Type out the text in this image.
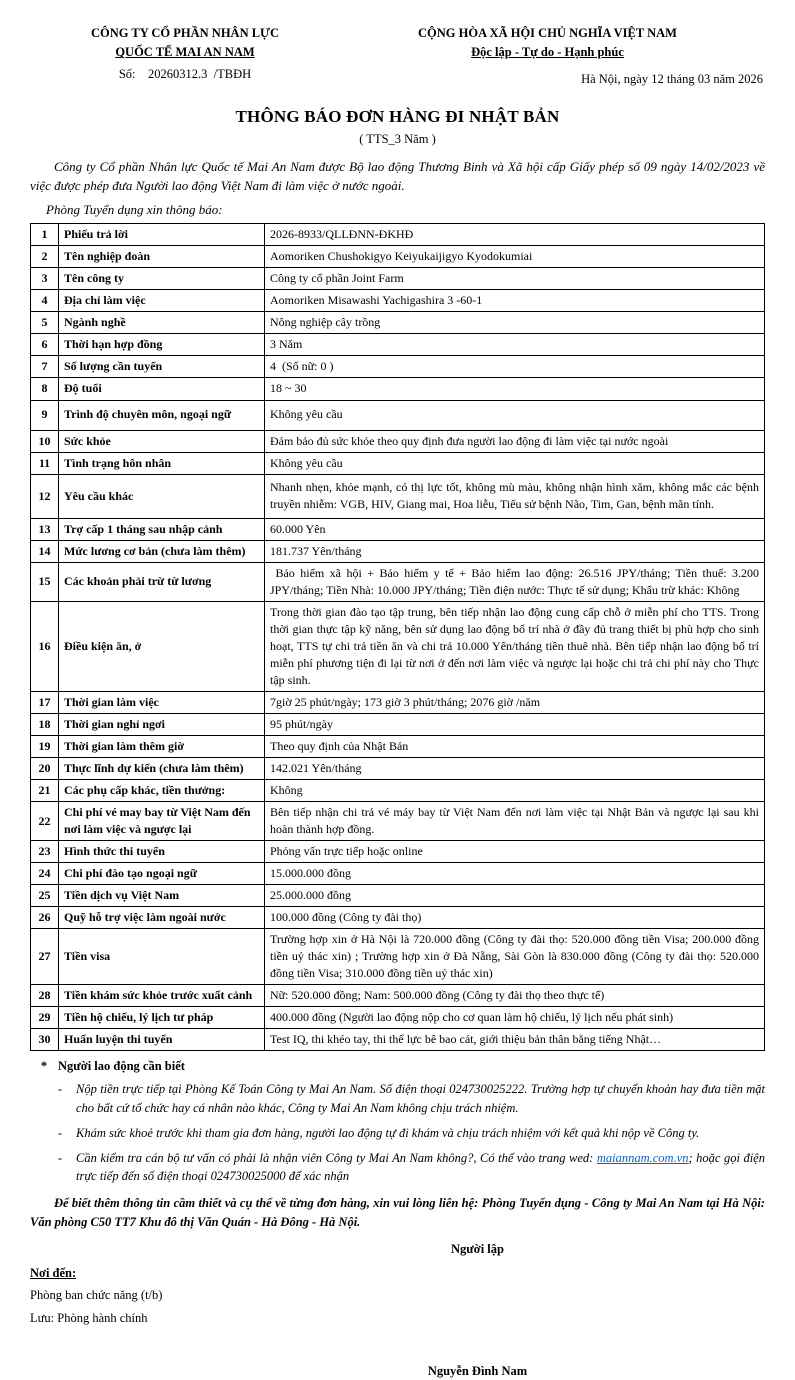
CÔNG TY CỔ PHẦN NHÂN LỰC
QUỐC TẾ MAI AN NAM
Số:    20260312.3  /TBĐH
CỘNG HÒA XÃ HỘI CHỦ NGHĨA VIỆT NAM
Độc lập - Tự do - Hạnh phúc
Hà Nội, ngày 12 tháng 03 năm 2026
THÔNG BÁO ĐƠN HÀNG ĐI NHẬT BẢN
( TTS_3 Năm )

Công ty Cổ phần Nhân lực Quốc tế Mai An Nam được Bộ lao động Thương Binh và Xã hội cấp Giấy phép số 09 ngày 14/02/2023 về việc được phép đưa Người lao động Việt Nam đi làm việc ở nước ngoài.

Phòng Tuyển dụng xin thông báo:

1	Phiếu trả lời	2026-8933/QLLĐNN-ĐKHĐ
2	Tên nghiệp đoàn	Aomoriken Chushokigyo Keiyukaijigyo Kyodokumiai
3	Tên công ty	Công ty cổ phần Joint Farm
4	Địa chỉ làm việc	Aomoriken Misawashi Yachigashira 3 -60-1
5	Ngành nghề	Nông nghiệp cây trồng
6	Thời hạn hợp đồng	3 Năm
7	Số lượng cần tuyển	4  (Số nữ: 0 )
8	Độ tuổi	18 ~ 30
9	Trình độ chuyên môn, ngoại ngữ	Không yêu cầu
10	Sức khỏe	Đảm bảo đủ sức khỏe theo quy định đưa người lao động đi làm việc tại nước ngoài
11	Tình trạng hôn nhân	Không yêu cầu
12	Yêu cầu khác	Nhanh nhẹn, khỏe mạnh, có thị lực tốt, không mù màu, không nhận hình xăm, không mắc các bệnh truyền nhiễm: VGB, HIV, Giang mai, Hoa liễu, Tiểu sử bệnh Não, Tim, Gan, bệnh mãn tính.
13	Trợ cấp 1 tháng sau nhập cảnh	60.000 Yên
14	Mức lương cơ bản (chưa làm thêm)	181.737 Yên/tháng
15	Các khoản phải trừ từ lương	Bảo hiểm xã hội + Bảo hiểm y tế + Bảo hiểm lao động: 26.516 JPY/tháng; Tiền thuế: 3.200 JPY/tháng; Tiền Nhà: 10.000 JPY/tháng; Tiền điện nước: Thực tế sử dụng; Khẩu trừ khác: Không
16	Điều kiện ăn, ở	Trong thời gian đào tạo tập trung, bên tiếp nhận lao động cung cấp chỗ ở miễn phí cho TTS. Trong thời gian thực tập kỹ năng, bên sử dụng lao động bố trí nhà ở đầy đủ trang thiết bị phù hợp cho sinh hoạt, TTS tự chi trả tiền ăn và chi trả 10.000 Yên/tháng tiền thuê nhà. Bên tiếp nhận lao động bố trí miễn phí phương tiện đi lại từ nơi ở đến nơi làm việc và ngược lại hoặc chi trả chi phí này cho Thực tập sinh.
17	Thời gian làm việc	7giờ 25 phút/ngày; 173 giờ 3 phút/tháng; 2076 giờ /năm
18	Thời gian nghỉ ngơi	95 phút/ngày
19	Thời gian làm thêm giờ	Theo quy định của Nhật Bản
20	Thực lĩnh dự kiến (chưa làm thêm)	142.021 Yên/tháng
21	Các phụ cấp khác, tiền thưởng:	Không
22	Chi phí vé may bay từ Việt Nam đến nơi làm việc và ngược lại	Bên tiếp nhận chi trả vé máy bay từ Việt Nam đến nơi làm việc tại Nhật Bản và ngược lại sau khi hoàn thành hợp đồng.
23	Hình thức thi tuyển	Phỏng vấn trực tiếp hoặc online
24	Chi phí đào tạo ngoại ngữ	15.000.000 đồng
25	Tiền dịch vụ Việt Nam	25.000.000 đồng
26	Quỹ hỗ trợ việc làm ngoài nước	100.000 đồng (Công ty đài thọ)
27	Tiền visa	Trường hợp xin ở Hà Nội là 720.000 đồng (Công ty đài thọ: 520.000 đồng tiền Visa; 200.000 đồng tiền uỷ thác xin) ; Trường hợp xin ở Đà Nẵng, Sài Gòn là 830.000 đồng (Công ty đài thọ: 520.000 đồng tiền Visa; 310.000 đồng tiền uỷ thác xin)
28	Tiền khám sức khỏe trước xuất cảnh	Nữ: 520.000 đồng; Nam: 500.000 đồng (Công ty đài thọ theo thực tế)
29	Tiền hộ chiếu, lý lịch tư pháp	400.000 đồng (Người lao động nộp cho cơ quan làm hộ chiếu, lý lịch nếu phát sinh)
30	Huấn luyện thi tuyển	Test IQ, thi khéo tay, thi thể lực bê bao cát, giới thiệu bản thân bằng tiếng Nhật…
* Người lao động cần biết
-	Nộp tiền trực tiếp tại Phòng Kế Toán Công ty Mai An Nam. Số điện thoại 024730025222. Trường hợp tự chuyển khoản hay đưa tiền mặt cho bất cứ tổ chức hay cá nhân nào khác, Công ty Mai An Nam không chịu trách nhiệm.
-	Khám sức khoẻ trước khi tham gia đơn hàng, người lao động tự đi khám và chịu trách nhiệm với kết quả khi nộp về Công ty.
-	Cần kiểm tra cán bộ tư vấn có phải là nhận viên Công ty Mai An Nam không?, Có thể vào trang wed: maiannam.com.vn; hoặc gọi điện trực tiếp đến số điện thoại 024730025000 để xác nhận

Để biết thêm thông tin cầm thiết và cụ thể về từng đơn hàng, xin vui lòng liên hệ: Phòng Tuyển dụng - Công ty Mai An Nam tại Hà Nội: Văn phòng C50 TT7 Khu đô thị Văn Quán - Hà Đông - Hà Nội.

Người lập
Nơi đến:
Phòng ban chức năng (t/b)
Lưu: Phòng hành chính
Nguyễn Đình Nam
